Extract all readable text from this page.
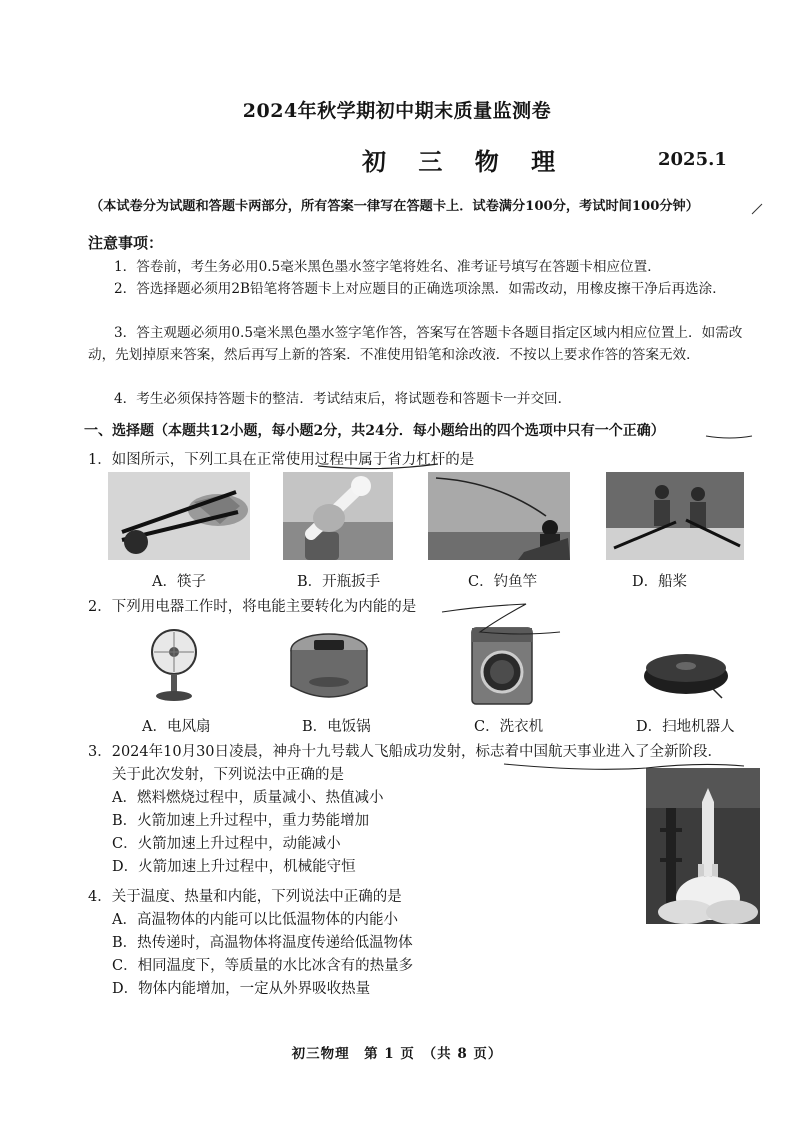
2024年秋学期初中期末质量监测卷
初 三 物 理	2025.1
（本试卷分为试题和答题卡两部分，所有答案一律写在答题卡上．试卷满分100分，考试时间100分钟）
注意事项：
1．答卷前，考生务必用0.5毫米黑色墨水签字笔将姓名、准考证号填写在答题卡相应位置．
2．答选择题必须用2B铅笔将答题卡上对应题目的正确选项涂黑．如需改动，用橡皮擦干净后再选涂．
3．答主观题必须用0.5毫米黑色墨水签字笔作答，答案写在答题卡各题目指定区域内相应位置上．如需改动，先划掉原来答案，然后再写上新的答案．不准使用铅笔和涂改液．不按以上要求作答的答案无效．
4．考生必须保持答题卡的整洁．考试结束后，将试题卷和答题卡一并交回．
一、选择题（本题共12小题，每小题2分，共24分．每小题给出的四个选项中只有一个正确）
1．如图所示，下列工具在正常使用过程中属于省力杠杆的是
A．筷子	B．开瓶扳手	C．钓鱼竿	D．船桨
2．下列用电器工作时，将电能主要转化为内能的是
A．电风扇	B．电饭锅	C．洗衣机	D．扫地机器人
3．2024年10月30日凌晨，神舟十九号载人飞船成功发射，标志着中国航天事业进入了全新阶段．
关于此次发射，下列说法中正确的是
A．燃料燃烧过程中，质量减小、热值减小
B．火箭加速上升过程中，重力势能增加
C．火箭加速上升过程中，动能减小
D．火箭加速上升过程中，机械能守恒
4．关于温度、热量和内能，下列说法中正确的是
A．高温物体的内能可以比低温物体的内能小
B．热传递时，高温物体将温度传递给低温物体
C．相同温度下，等质量的水比冰含有的热量多
D．物体内能增加，一定从外界吸收热量
初三物理　第 1 页　（共 8 页）
